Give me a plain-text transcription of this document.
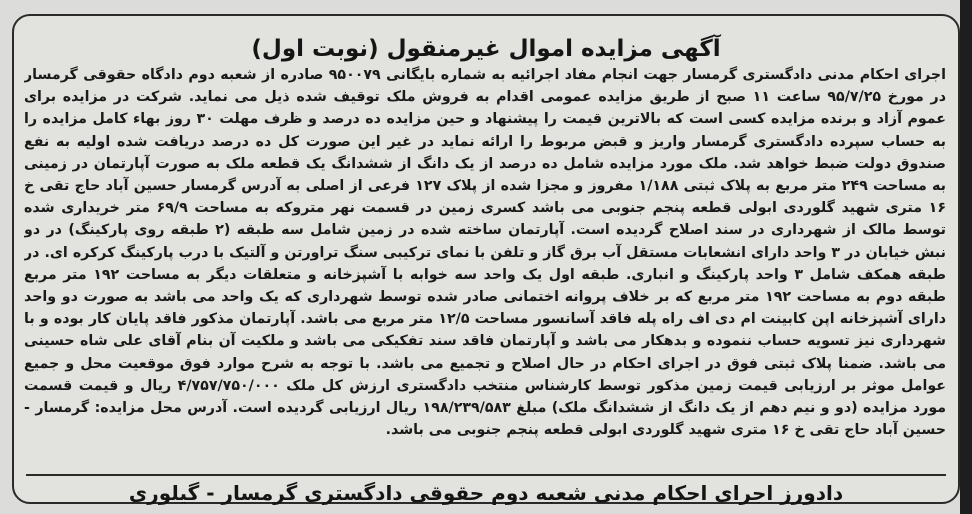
آگهی مزایده اموال غیرمنقول (نوبت اول)

اجرای احکام مدنی دادگستری گرمسار جهت انجام مفاد اجرائیه به شماره بایگانی ۹۵۰۰۷۹ صادره از شعبه دوم دادگاه حقوقی گرمسار در مورخ ۹۵/۷/۲۵ ساعت ۱۱ صبح از طریق مزایده عمومی اقدام به فروش ملک توقیف شده ذیل می نماید. شرکت در مزایده برای عموم آزاد و برنده مزایده کسی است که بالاترین قیمت را پیشنهاد و حین مزایده ده درصد و ظرف مهلت ۳۰ روز بهاء کامل مزایده را به حساب سپرده دادگستری گرمسار واریز و قبض مربوط را ارائه نماید در غیر این صورت کل ده درصد دریافت شده اولیه به نفع صندوق دولت ضبط خواهد شد. ملک مورد مزایده شامل ده درصد از یک دانگ از ششدانگ یک قطعه ملک به صورت آپارتمان در زمینی به مساحت ۲۴۹ متر مربع به پلاک ثبتی ۱/۱۸۸ مفروز و مجزا شده از پلاک ۱۲۷ فرعی از اصلی به آدرس گرمسار حسین آباد حاج تقی خ ۱۶ متری شهید گلوردی ابولی قطعه پنجم جنوبی می باشد کسری زمین در قسمت نهر متروکه به مساحت ۶۹/۹ متر خریداری شده توسط مالک از شهرداری در سند اصلاح گردیده است. آپارتمان ساخته شده در زمین شامل سه طبقه (۲ طبقه روی پارکینگ) در دو نبش خیابان در ۳ واحد دارای انشعابات مستقل آب برق گاز و تلفن با نمای ترکیبی سنگ تراورتن و آلتیک با درب پارکینگ کرکره ای. در طبقه همکف شامل ۳ واحد پارکینگ و انباری. طبقه اول یک واحد سه خوابه با آشپزخانه و متعلقات دیگر به مساحت ۱۹۲ متر مربع طبقه دوم به مساحت ۱۹۲ متر مربع که بر خلاف پروانه اختمانی صادر شده توسط شهرداری که یک واحد می باشد به صورت دو واحد دارای آشپزخانه اپن کابینت ام دی اف راه پله فاقد آسانسور مساحت ۱۲/۵ متر مربع می باشد. آپارتمان مذکور فاقد پایان کار بوده و با شهرداری نیز تسویه حساب ننموده و بدهکار می باشد و آپارتمان فاقد سند تفکیکی می باشد و ملکیت آن بنام آقای علی شاه حسینی می باشد. ضمنا پلاک ثبتی فوق در اجرای احکام در حال اصلاح و تجمیع می باشد. با توجه به شرح موارد فوق موقعیت محل و جمیع عوامل موثر بر ارزیابی قیمت زمین مذکور توسط کارشناس منتخب دادگستری ارزش کل ملک ۴/۷۵۷/۷۵۰/۰۰۰ ریال و قیمت قسمت مورد مزایده (دو و نیم دهم از یک دانگ از ششدانگ ملک) مبلغ ۱۹۸/۲۳۹/۵۸۳ ریال ارزیابی گردیده است. آدرس محل مزایده: گرمسار - حسین آباد حاج تقی خ ۱۶ متری شهید گلوردی ابولی قطعه پنجم جنوبی می باشد.

دادورز اجرای احکام مدنی شعبه دوم حقوقی دادگستری گرمسار - گیلوری
